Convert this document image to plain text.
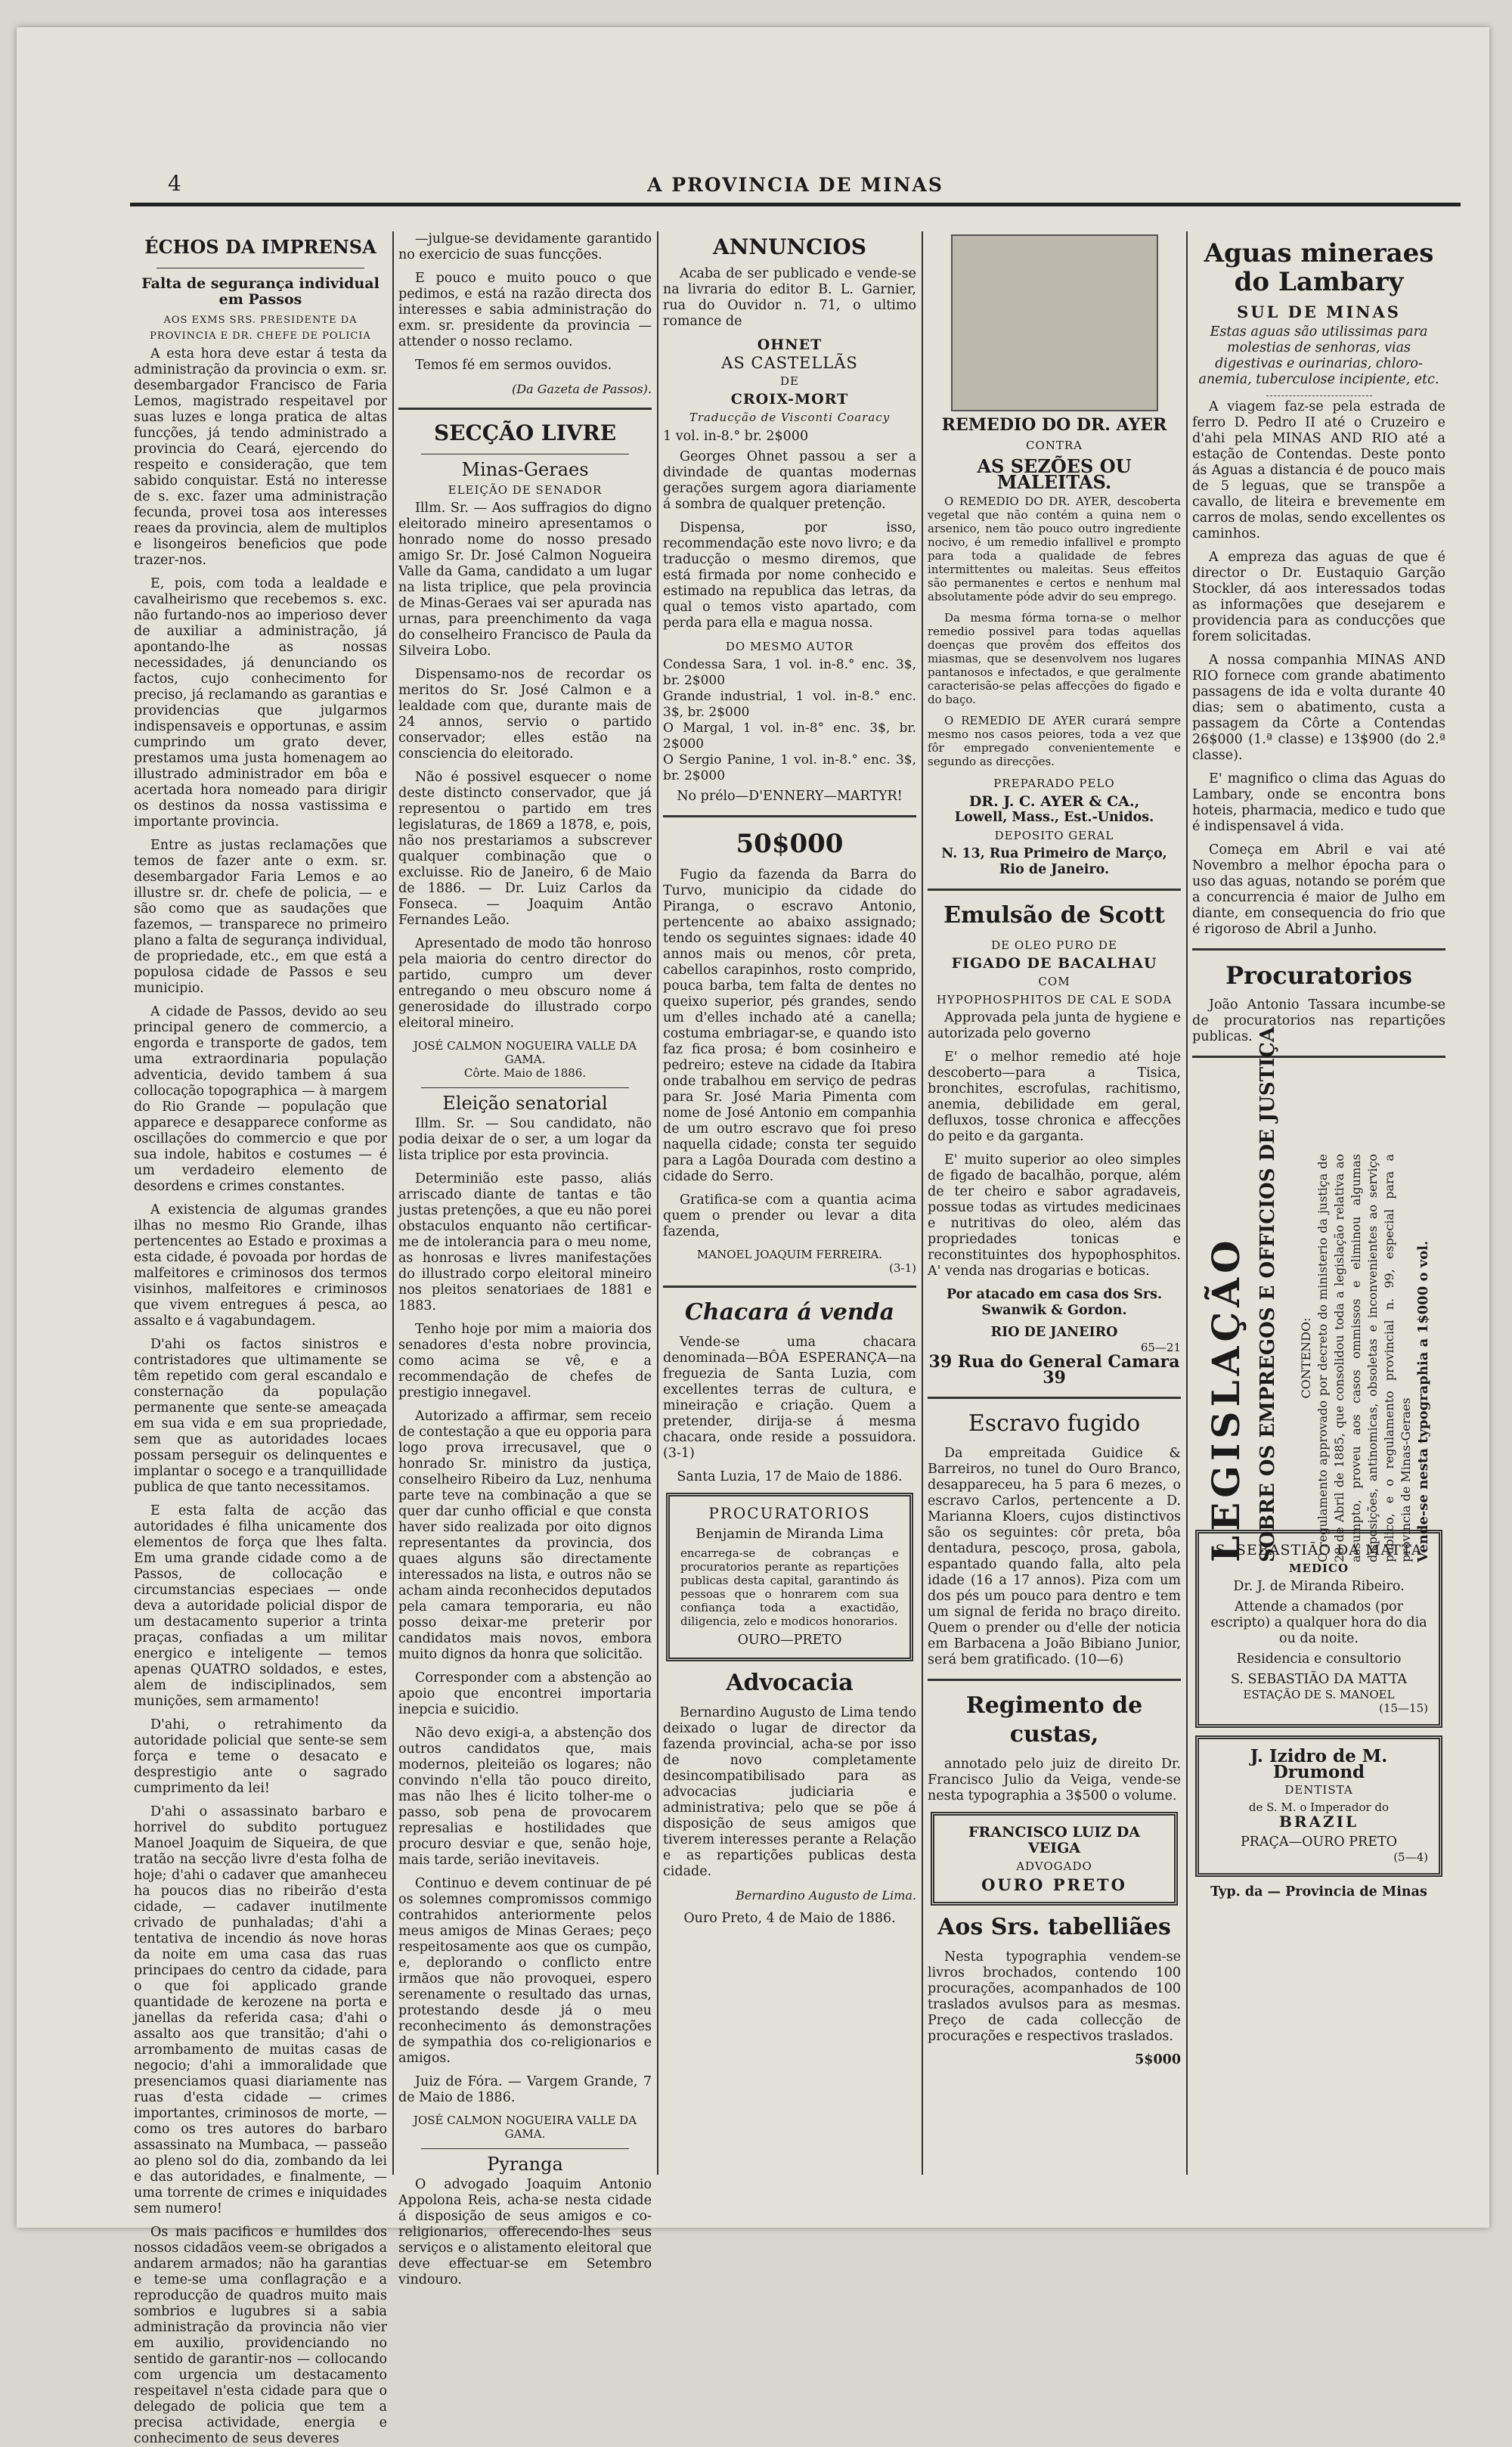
4	A PROVINCIA DE MINAS
ÉCHOS DA IMPRENSA
Falta de segurança individual em Passos
AOS EXMS SRS. PRESIDENTE DA PROVINCIA E DR. CHEFE DE POLICIA

A esta hora deve estar á testa da administração da provincia o exm. sr. desembargador Francisco de Faria Lemos, magistrado respeitavel por suas luzes e longa pratica de altas funcções, já tendo administrado a provincia do Ceará, ejercendo do respeito e consideração, que tem sabido conquistar. Está no interesse de s. exc. fazer uma administração fecunda, provei tosa aos interesses reaes da provincia, alem de multiplos e lisongeiros beneficios que pode trazer-nos.

E, pois, com toda a lealdade e cavalheirismo que recebemos s. exc. não furtando-nos ao imperioso dever de auxiliar a administração, já apontando-lhe as nossas necessidades, já denunciando os factos, cujo conhecimento for preciso, já reclamando as garantias e providencias que julgarmos indispensaveis e opportunas, e assim cumprindo um grato dever, prestamos uma justa homenagem ao illustrado administrador em bôa e acertada hora nomeado para dirigir os destinos da nossa vastissima e importante provincia.

Entre as justas reclamações que temos de fazer ante o exm. sr. desembargador Faria Lemos e ao illustre sr. dr. chefe de policia, — e são como que as saudações que fazemos, — transparece no primeiro plano a falta de segurança individual, de propriedade, etc., em que está a populosa cidade de Passos e seu municipio.

A cidade de Passos, devido ao seu principal genero de commercio, a engorda e transporte de gados, tem uma extraordinaria população adventicia, devido tambem á sua collocação topographica — à margem do Rio Grande — população que apparece e desapparece conforme as oscillações do commercio e que por sua indole, habitos e costumes — é um verdadeiro elemento de desordens e crimes constantes.

A existencia de algumas grandes ilhas no mesmo Rio Grande, ilhas pertencentes ao Estado e proximas a esta cidade, é povoada por hordas de malfeitores e criminosos dos termos visinhos, malfeitores e criminosos que vivem entregues á pesca, ao assalto e á vagabundagem.

D'ahi os factos sinistros e contristadores que ultimamente se têm repetido com geral escandalo e consternação da população permanente que sente-se ameaçada em sua vida e em sua propriedade, sem que as autoridades locaes possam perseguir os delinquentes e implantar o socego e a tranquillidade publica de que tanto necessitamos.

E esta falta de acção das autoridades é filha unicamente dos elementos de força que lhes falta. Em uma grande cidade como a de Passos, de collocação e circumstancias especiaes — onde deva a autoridade policial dispor de um destacamento superior a trinta praças, confiadas a um militar energico e inteligente — temos apenas QUATRO soldados, e estes, alem de indisciplinados, sem munições, sem armamento!

D'ahi, o retrahimento da autoridade policial que sente-se sem força e teme o desacato e desprestigio ante o sagrado cumprimento da lei!

D'ahi o assassinato barbaro e horrivel do subdito portuguez Manoel Joaquim de Siqueira, de que tratão na secção livre d'esta folha de hoje; d'ahi o cadaver que amanheceu ha poucos dias no ribeirão d'esta cidade, — cadaver inutilmente crivado de punhaladas; d'ahi a tentativa de incendio ás nove horas da noite em uma casa das ruas principaes do centro da cidade, para o que foi applicado grande quantidade de kerozene na porta e janellas da referida casa; d'ahi o assalto aos que transitão; d'ahi o arrombamento de muitas casas de negocio; d'ahi a immoralidade que presenciamos quasi diariamente nas ruas d'esta cidade — crimes importantes, criminosos de morte, — como os tres autores do barbaro assassinato na Mumbaca, — passeão ao pleno sol do dia, zombando da lei e das autoridades, e finalmente, — uma torrente de crimes e iniquidades sem numero!

Os mais pacificos e humildes dos nossos cidadãos veem-se obrigados a andarem armados; não ha garantias e teme-se uma conflagração e a reproducção de quadros muito mais sombrios e lugubres si a sabia administração da provincia não vier em auxilio, providenciando no sentido de garantir-nos — collocando com urgencia um destacamento respeitavel n'esta cidade para que o delegado de policia que tem a precisa actividade, energia e conhecimento de seus deveres

—julgue-se devidamente garantido no exercicio de suas funcções.

E pouco e muito pouco o que pedimos, e está na razão directa dos interesses e sabia administração do exm. sr. presidente da provincia — attender o nosso reclamo.

Temos fé em sermos ouvidos.

(Da Gazeta de Passos).
SECÇÃO LIVRE
Minas-Geraes
ELEIÇÃO DE SENADOR

Illm. Sr. — Aos suffragios do digno eleitorado mineiro apresentamos o honrado nome do nosso presado amigo Sr. Dr. José Calmon Nogueira Valle da Gama, candidato a um lugar na lista triplice, que pela provincia de Minas-Geraes vai ser apurada nas urnas, para preenchimento da vaga do conselheiro Francisco de Paula da Silveira Lobo.

Dispensamo-nos de recordar os meritos do Sr. José Calmon e a lealdade com que, durante mais de 24 annos, servio o partido conservador; elles estão na consciencia do eleitorado.

Não é possivel esquecer o nome deste distincto conservador, que já representou o partido em tres legislaturas, de 1869 a 1878, e, pois, não nos prestariamos a subscrever qualquer combinação que o excluisse. Rio de Janeiro, 6 de Maio de 1886. — Dr. Luiz Carlos da Fonseca. — Joaquim Antão Fernandes Leão.

Apresentado de modo tão honroso pela maioria do centro director do partido, cumpro um dever entregando o meu obscuro nome á generosidade do illustrado corpo eleitoral mineiro.

JOSÉ CALMON NOGUEIRA VALLE DA GAMA.
Côrte. Maio de 1886.
Eleição senatorial

Illm. Sr. — Sou candidato, não podia deixar de o ser, a um logar da lista triplice por esta provincia.

Determinião este passo, aliás arriscado diante de tantas e tão justas pretenções, a que eu não porei obstaculos enquanto não certificar-me de intolerancia para o meu nome, as honrosas e livres manifestações do illustrado corpo eleitoral mineiro nos pleitos senatoriaes de 1881 e 1883.

Tenho hoje por mim a maioria dos senadores d'esta nobre provincia, como acima se vê, e a recommendação de chefes de prestigio innegavel.

Autorizado a affirmar, sem receio de contestação a que eu opporia para logo prova irrecusavel, que o honrado Sr. ministro da justiça, conselheiro Ribeiro da Luz, nenhuma parte teve na combinação a que se quer dar cunho official e que consta haver sido realizada por oito dignos representantes da provincia, dos quaes alguns são directamente interessados na lista, e outros não se acham ainda reconhecidos deputados pela camara temporaria, eu não posso deixar-me preterir por candidatos mais novos, embora muito dignos da honra que solicitão.

Corresponder com a abstenção ao apoio que encontrei importaria inepcia e suicidio.

Não devo exigi-a, a abstenção dos outros candidatos que, mais modernos, pleiteião os logares; não convindo n'ella tão pouco direito, mas não lhes é licito tolher-me o passo, sob pena de provocarem represalias e hostilidades que procuro desviar e que, senão hoje, mais tarde, serião inevitaveis.

Continuo e devem continuar de pé os solemnes compromissos commigo contrahidos anteriormente pelos meus amigos de Minas Geraes; peço respeitosamente aos que os cumpão, e, deplorando o conflicto entre irmãos que não provoquei, espero serenamente o resultado das urnas, protestando desde já o meu reconhecimento ás demonstrações de sympathia dos co-religionarios e amigos.

Juiz de Fóra. — Vargem Grande, 7 de Maio de 1886.

JOSÉ CALMON NOGUEIRA VALLE DA GAMA.
Pyranga

O advogado Joaquim Antonio Appolona Reis, acha-se nesta cidade á disposição de seus amigos e co-religionarios, offerecendo-lhes seus serviços e o alistamento eleitoral que deve effectuar-se em Setembro vindouro.

ANNUNCIOS

Acaba de ser publicado e vende-se na livraria do editor B. L. Garnier, rua do Ouvidor n. 71, o ultimo romance de

OHNET
AS CASTELLÃS
DE
CROIX-MORT
Traducção de Visconti Coaracy
1 vol. in-8.° br. 2$000

Georges Ohnet passou a ser a divindade de quantas modernas gerações surgem agora diariamente á sombra de qualquer pretenção.

Dispensa, por isso, recommendação este novo livro; e da traducção o mesmo diremos, que está firmada por nome conhecido e estimado na republica das letras, da qual o temos visto apartado, com perda para ella e magua nossa.

DO MESMO AUTOR
Condessa Sara, 1 vol. in-8.° enc. 3$, br. 2$000
Grande industrial, 1 vol. in-8.° enc. 3$, br. 2$000
O Margal, 1 vol. in-8° enc. 3$, br. 2$000
O Sergio Panine, 1 vol. in-8.° enc. 3$, br. 2$000
No prélo—D'ENNERY—MARTYR!
50$000

Fugio da fazenda da Barra do Turvo, municipio da cidade do Piranga, o escravo Antonio, pertencente ao abaixo assignado; tendo os seguintes signaes: idade 40 annos mais ou menos, côr preta, cabellos carapinhos, rosto comprido, pouca barba, tem falta de dentes no queixo superior, pés grandes, sendo um d'elles inchado até a canella; costuma embriagar-se, e quando isto faz fica prosa; é bom cosinheiro e pedreiro; esteve na cidade da Itabira onde trabalhou em serviço de pedras para Sr. José Maria Pimenta com nome de José Antonio em companhia de um outro escravo que foi preso naquella cidade; consta ter seguido para a Lagôa Dourada com destino a cidade do Serro.

Gratifica-se com a quantia acima quem o prender ou levar a dita fazenda,

MANOEL JOAQUIM FERREIRA.
(3-1)
Chacara á venda

Vende-se uma chacara denominada—BÔA ESPERANÇA—na freguezia de Santa Luzia, com excellentes terras de cultura, e mineiração e criação. Quem a pretender, dirija-se á mesma chacara, onde reside a possuidora. (3-1)

Santa Luzia, 17 de Maio de 1886.
PROCURATORIOS
Benjamin de Miranda Lima
encarrega-se de cobranças e procuratorios perante as repartições publicas desta capital, garantindo ás pessoas que o honrarem com sua confiança toda a exactidão, diligencia, zelo e modicos honorarios.
OURO—PRETO
Advocacia

Bernardino Augusto de Lima tendo deixado o lugar de director da fazenda provincial, acha-se por isso de novo completamente desincompatibilisado para as advocacias judiciaria e administrativa; pelo que se põe á disposição de seus amigos que tiverem interesses perante a Relação e as repartições publicas desta cidade.

Bernardino Augusto de Lima.
Ouro Preto, 4 de Maio de 1886.
REMEDIO DO DR. AYER
CONTRA
AS SEZÕES OU MALEITAS.

O REMEDIO DO DR. AYER, descoberta vegetal que não contém a quina nem o arsenico, nem tão pouco outro ingrediente nocivo, é um remedio infallivel e prompto para toda a qualidade de febres intermittentes ou maleitas. Seus effeitos são permanentes e certos e nenhum mal absolutamente póde advir do seu emprego.

Da mesma fórma torna-se o melhor remedio possivel para todas aquellas doenças que provêm dos effeitos dos miasmas, que se desenvolvem nos lugares pantanosos e infectados, e que geralmente caracterisão-se pelas affecções do figado e do baço.

O REMEDIO DE AYER curará sempre mesmo nos casos peiores, toda a vez que fôr empregado convenientemente e segundo as direcções.

PREPARADO PELO
DR. J. C. AYER & CA.,
Lowell, Mass., Est.-Unidos.
DEPOSITO GERAL
N. 13, Rua Primeiro de Março, Rio de Janeiro.
Emulsão de Scott
DE OLEO PURO DE
FIGADO DE BACALHAU
COM
HYPOPHOSPHITOS DE CAL E SODA

Approvada pela junta de hygiene e autorizada pelo governo

E' o melhor remedio até hoje descoberto—para a Tisica, bronchites, escrofulas, rachitismo, anemia, debilidade em geral, defluxos, tosse chronica e affecções do peito e da garganta.

E' muito superior ao oleo simples de figado de bacalhão, porque, além de ter cheiro e sabor agradaveis, possue todas as virtudes medicinaes e nutritivas do oleo, além das propriedades tonicas e reconstituintes dos hypophosphitos. A' venda nas drogarias e boticas.

Por atacado em casa dos Srs. Swanwik & Gordon.
RIO DE JANEIRO
65—21
39 Rua do General Camara 39
Escravo fugido

Da empreitada Guidice & Barreiros, no tunel do Ouro Branco, desappareceu, ha 5 para 6 mezes, o escravo Carlos, pertencente a D. Marianna Kloers, cujos distinctivos são os seguintes: côr preta, bôa dentadura, pescoço, prosa, gabola, espantado quando falla, alto pela idade (16 a 17 annos). Piza com um dos pés um pouco para dentro e tem um signal de ferida no braço direito. Quem o prender ou d'elle der noticia em Barbacena a João Bibiano Junior, será bem gratificado. (10—6)

Regimento de custas,

annotado pelo juiz de direito Dr. Francisco Julio da Veiga, vende-se nesta typographia a 3$500 o volume.

FRANCISCO LUIZ DA VEIGA
ADVOGADO
OURO PRETO
Aos Srs. tabelliães

Nesta typographia vendem-se livros brochados, contendo 100 procurações, acompanhados de 100 traslados avulsos para as mesmas. Preço de cada collecção de procurações e respectivos traslados.

5$000
Aguas mineraes do Lambary
SUL DE MINAS
Estas aguas são utilissimas para molestias de senhoras, vias digestivas e ourinarias, chloro-anemia, tuberculose incipiente, etc.

A viagem faz-se pela estrada de ferro D. Pedro II até o Cruzeiro e d'ahi pela MINAS AND RIO até a estação de Contendas. Deste ponto ás Aguas a distancia é de pouco mais de 5 leguas, que se transpõe a cavallo, de liteira e brevemente em carros de molas, sendo excellentes os caminhos.

A empreza das aguas de que é director o Dr. Eustaquio Garção Stockler, dá aos interessados todas as informações que desejarem e providencia para as conducções que forem solicitadas.

A nossa companhia MINAS AND RIO fornece com grande abatimento passagens de ida e volta durante 40 dias; sem o abatimento, custa a passagem da Côrte a Contendas 26$000 (1.ª classe) e 13$900 (do 2.ª classe).

E' magnifico o clima das Aguas do Lambary, onde se encontra bons hoteis, pharmacia, medico e tudo que é indispensavel á vida.

Começa em Abril e vai até Novembro a melhor épocha para o uso das aguas, notando se porém que a concurrencia é maior de Julho em diante, em consequencia do frio que é rigoroso de Abril a Junho.

Procuratorios

João Antonio Tassara incumbe-se de procuratorios nas repartições publicas.

S. SEBASTIÃO DA MATTA
MEDICO
Dr. J. de Miranda Ribeiro.
Attende a chamados (por escripto) a qualquer hora do dia ou da noite.
Residencia e consultorio
S. SEBASTIÃO DA MATTA
ESTAÇÃO DE S. MANOEL
(15—15)
J. Izidro de M. Drumond
DENTISTA
de S. M. o Imperador do
BRAZIL
PRAÇA—OURO PRETO
(5—4)
Typ. da — Provincia de Minas
LEGISLAÇÃO SOBRE OS EMPREGOS E OFFICIOS DE JUSTIÇA CONTENDO: O regulamento approvado por decreto do ministerio da justiça de 28 de Abril de 1885, que consolidou toda a legislação relativa ao assumpto, proveu aos casos ommissos e eliminou algumas disposições, antinomicas, obsoletas e inconvenientes ao serviço publico, e o regulamento provincial n. 99, especial para a provincia de Minas-Geraes Vende-se nesta typographia a 1$000 o vol.
